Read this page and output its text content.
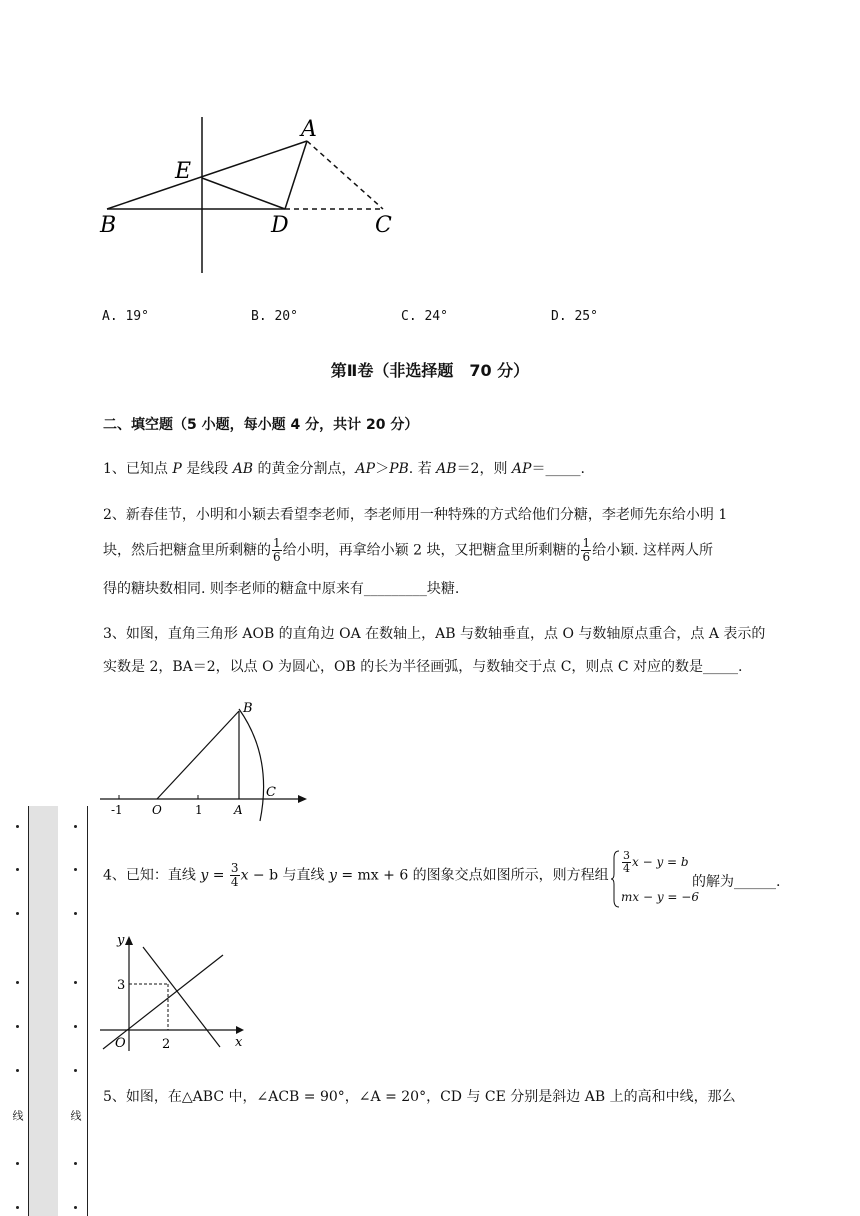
A
E
B	D	C
A. 19°	B. 20°	C. 24°	D. 25°
第Ⅱ卷（非选择题　70 分）
二、填空题（5 小题，每小题 4 分，共计 20 分）
1、已知点 P 是线段 AB 的黄金分割点，AP＞PB. 若 AB＝2，则 AP＝_____.
2、新春佳节，小明和小颖去看望李老师，李老师用一种特殊的方式给他们分糖，李老师先东给小明 1
块，然后把糖盒里所剩糖的 $\frac{1}{6}$ 给小明，再拿给小颖 2 块，又把糖盒里所剩糖的 $\frac{1}{6}$ 给小颖. 这样两人所
得的糖块数相同. 则李老师的糖盒中原来有_________块糖.
3、如图，直角三角形 AOB 的直角边 OA 在数轴上，AB 与数轴垂直，点 O 与数轴原点重合，点 A 表示的
实数是 2，BA＝2，以点 O 为圆心，OB 的长为半径画弧，与数轴交于点 C，则点 C 对应的数是_____.
B
C
-1 O	1	A
4、已知：直线 $y = \frac{3}{4}$ x − b 与直线 y = mx + 6 的图象交点如图所示，则方程组
$\frac{3}{4}$ x − y = b
mx − y = −6
的解为______.
y
3
O	2	x
5、如图，在△ABC 中，∠ACB = 90°，∠A = 20°，CD 与 CE 分别是斜边 AB 上的高和中线，那么
线	线
